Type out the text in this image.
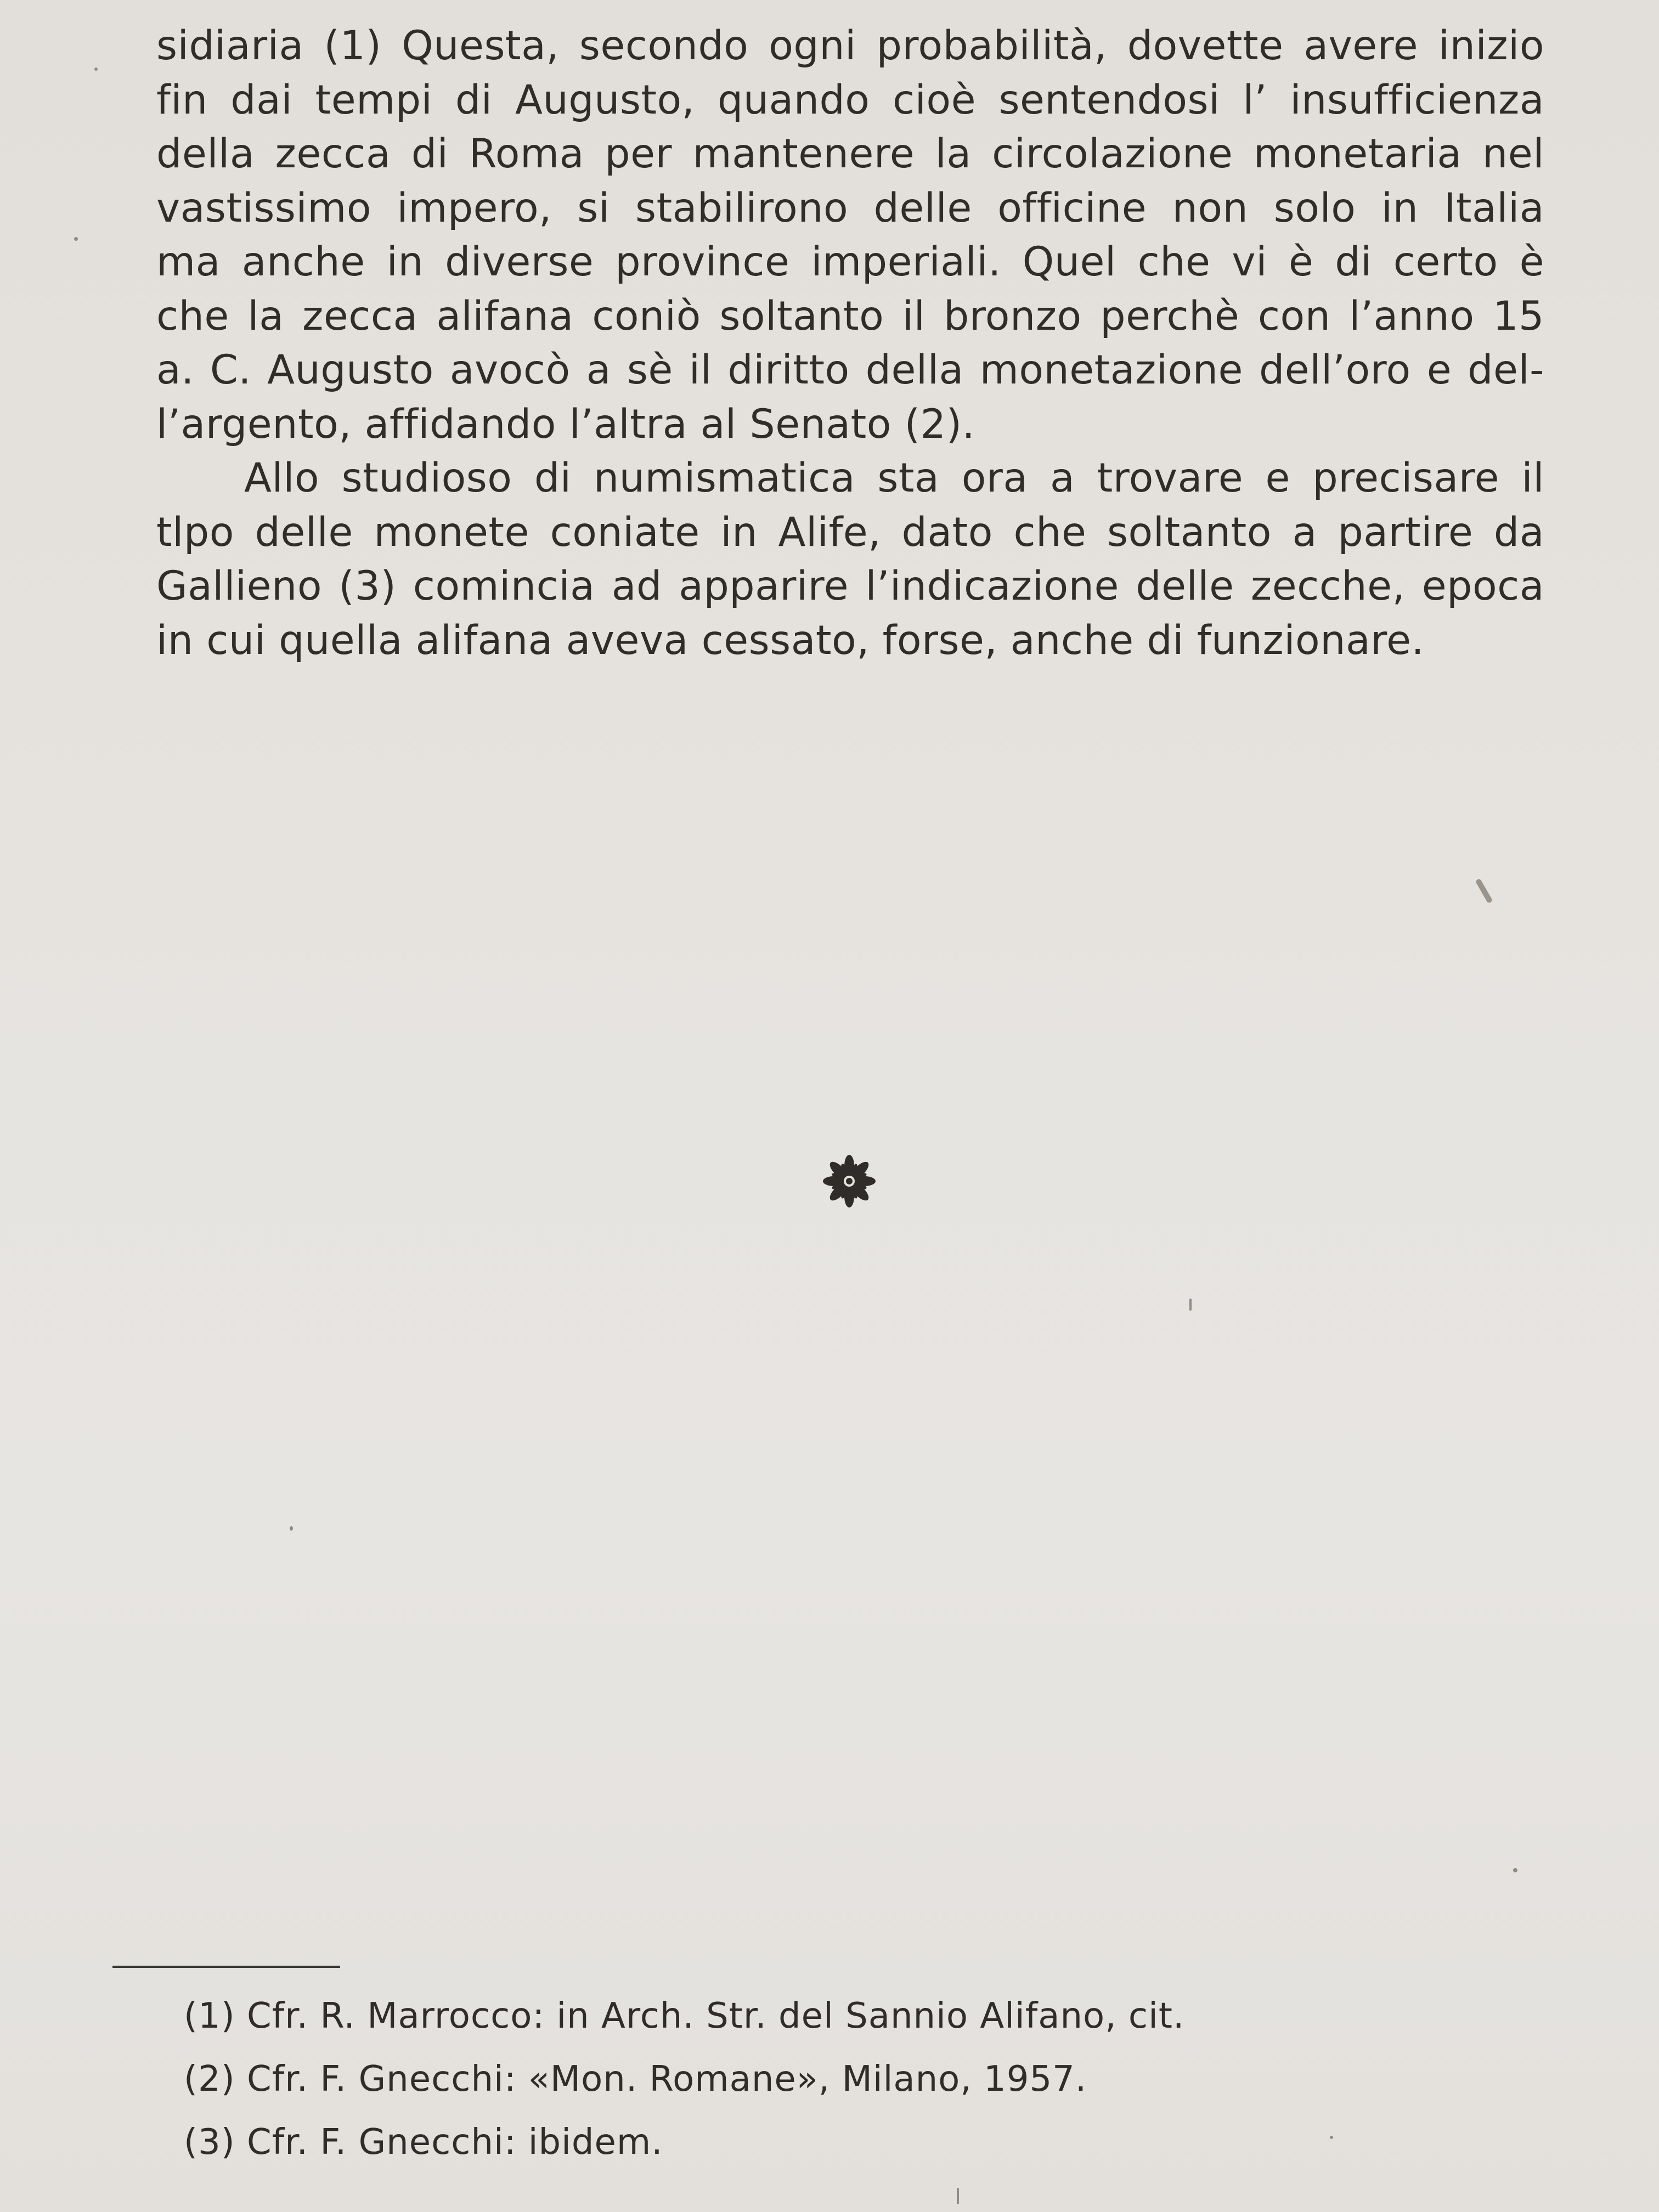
sidiaria (1) Questa, secondo ogni probabilità, dovette avere inizio
fin dai tempi di Augusto, quando cioè sentendosi l’ insufficienza
della zecca di Roma per mantenere la circolazione monetaria nel
vastissimo impero, si stabilirono delle officine non solo in Italia
ma anche in diverse province imperiali. Quel che vi è di certo è
che la zecca alifana coniò soltanto il bronzo perchè con l’anno 15
a. C. Augusto avocò a sè il diritto della monetazione dell’oro e del-
l’argento, affidando l’altra al Senato (2).
Allo studioso di numismatica sta ora a trovare e precisare il
tlpo delle monete coniate in Alife, dato che soltanto a partire da
Gallieno (3) comincia ad apparire l’indicazione delle zecche, epoca
in cui quella alifana aveva cessato, forse, anche di funzionare.
(1) Cfr. R. Marrocco: in Arch. Str. del Sannio Alifano, cit.
(2) Cfr. F. Gnecchi: «Mon. Romane», Milano, 1957.
(3) Cfr. F. Gnecchi: ibidem.
